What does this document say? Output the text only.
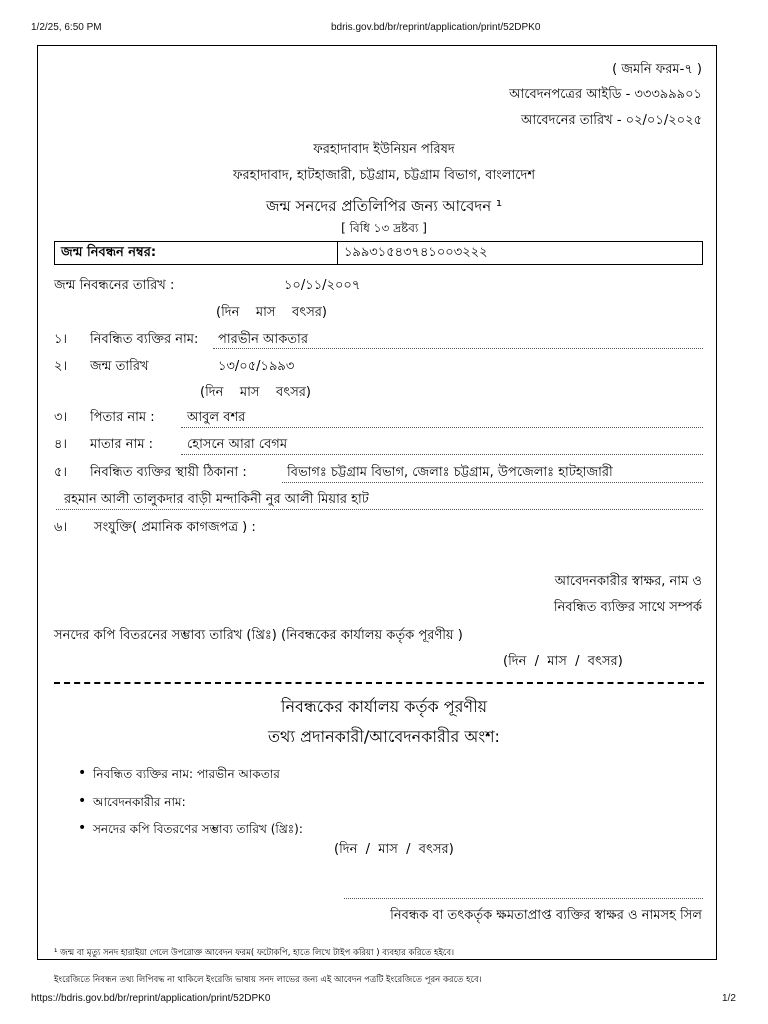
1/2/25, 6:50 PM	bdris.gov.bd/br/reprint/application/print/52DPK0
https://bdris.gov.bd/br/reprint/application/print/52DPK0	1/2
( জমনি ফরম-৭ )
আবেদনপত্রের আইডি - ৩৩৩৯৯৯০১
আবেদনের তারিখ - ০২/০১/২০২৫
ফরহাদাবাদ ইউনিয়ন পরিষদ
ফরহাদাবাদ, হাটহাজারী, চট্টগ্রাম, চট্টগ্রাম বিভাগ, বাংলাদেশ
জন্ম সনদের প্রতিলিপির জন্য আবেদন ¹
[ বিধি ১৩ দ্রষ্টব্য ]
জন্ম নিবন্ধন নম্বর:	১৯৯৩১৫৪৩৭৪১০০৩২২২
জন্ম নিবন্ধনের তারিখ :	১০/১১/২০০৭
(দিন    মাস    বৎসর)
১। নিবন্ধিত ব্যক্তির নাম: পারভীন আকতার
২। জন্ম তারিখ	১৩/০৫/১৯৯৩
(দিন    মাস    বৎসর)
৩। পিতার নাম : আবুল বশর
৪। মাতার নাম :	হোসনে আরা বেগম
৫। নিবন্ধিত ব্যক্তির স্থায়ী ঠিকানা :	বিভাগঃ চট্টগ্রাম বিভাগ, জেলাঃ চট্টগ্রাম, উপজেলাঃ হাটহাজারী
রহমান আলী তালুকদার বাড়ী মন্দাকিনী নুর আলী মিয়ার হাট
৬। সংযুক্তি( প্রমানিক কাগজপত্র ) :
আবেদনকারীর স্বাক্ষর, নাম ও
নিবন্ধিত ব্যক্তির সাথে সম্পর্ক
সনদের কপি বিতরনের সম্ভাব্য তারিখ (খ্রিঃ) (নিবন্ধকের কার্যালয় কর্তৃক পূরণীয় )
(দিন  /  মাস  /  বৎসর)
নিবন্ধকের কার্যালয় কর্তৃক পূরণীয়
তথ্য প্রদানকারী/আবেদনকারীর অংশ:
• নিবন্ধিত ব্যক্তির নাম: পারভীন আকতার
• আবেদনকারীর নাম:
• সনদের কপি বিতরণের সম্ভাব্য তারিখ (খ্রিঃ):
(দিন  /  মাস  /  বৎসর)
নিবন্ধক বা তৎকর্তৃক ক্ষমতাপ্রাপ্ত ব্যক্তির স্বাক্ষর ও নামসহ সিল
¹ জন্ম বা মৃত্যু সনদ হারাইয়া গেলে উপরোক্ত আবেদন ফরম( ফটোকপি, হাতে লিখে টাইপ করিয়া ) ব্যবহার করিতে হইবে।
ইংরেজিতে নিবন্ধন তথ্য লিপিবদ্ধ না থাকিলে ইংরেজি ভাষায় সনদ লাভের জন্য এই আবেদন পত্রটি ইংরেজিতে পূরন করতে হবে।
